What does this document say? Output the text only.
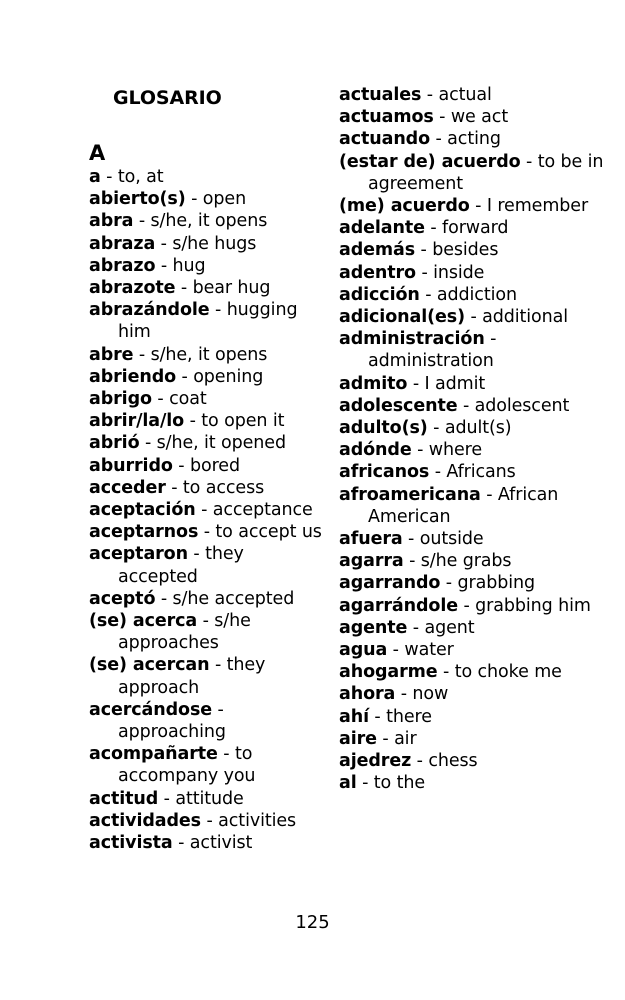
GLOSARIO
A

a - to, at

abierto(s) - open

abra - s/he, it opens

abraza - s/he hugs

abrazo - hug

abrazote - bear hug

abrazándole - hugging him

abre - s/he, it opens

abriendo - opening

abrigo - coat

abrir/la/lo - to open it

abrió - s/he, it opened

aburrido - bored

acceder - to access

aceptación - acceptance

aceptarnos - to accept us

aceptaron - they accepted

aceptó - s/he accepted

(se) acerca - s/he approaches

(se) acercan - they approach

acercándose - approaching

acompañarte - to accompany you

actitud - attitude

actividades - activities

activista - activist

actuales - actual

actuamos - we act

actuando - acting

(estar de) acuerdo - to be in agreement

(me) acuerdo - I remember

adelante - forward

además - besides

adentro - inside

adicción - addiction

adicional(es) - additional

administración - administration

admito - I admit

adolescente - adolescent

adulto(s) - adult(s)

adónde - where

africanos - Africans

afroamericana - African American

afuera - outside

agarra - s/he grabs

agarrando - grabbing

agarrándole - grabbing him

agente - agent

agua - water

ahogarme - to choke me

ahora - now

ahí - there

aire - air

ajedrez - chess

al - to the

125
